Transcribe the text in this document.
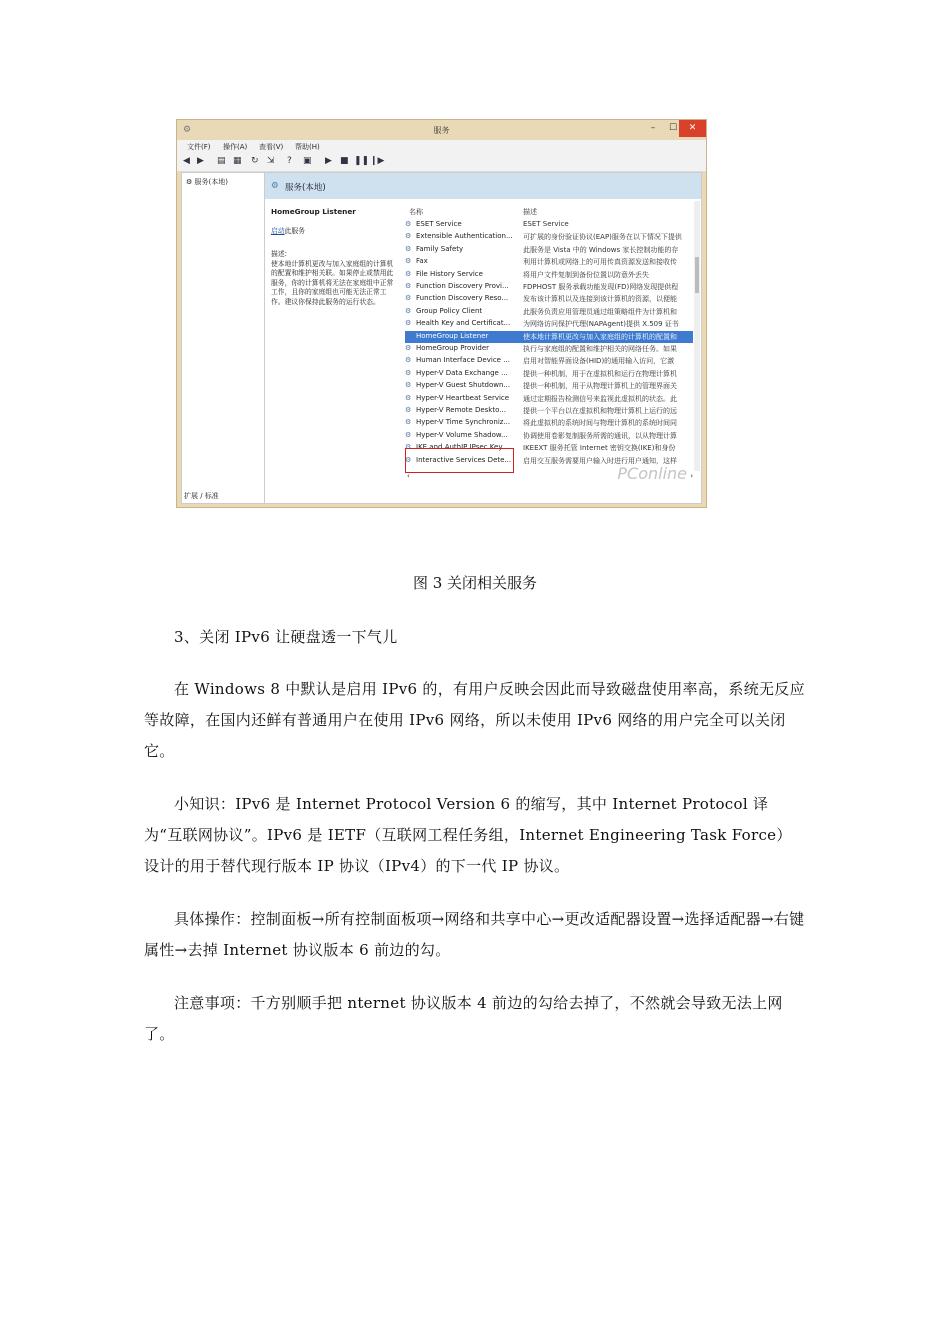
⚙	服务	–	☐	✕
文件(F) 操作(A) 查看(V) 帮助(H)
◀ ▶ ▤ ▦ ↻ ⇲ ? ▣ ▶ ■ ❚❚ ❙▶
⚙ 服务(本地)	⚙ 服务(本地)
HomeGroup Listener
启动此服务
描述:
使本地计算机更改与加入家庭组的计算机的配置和维护相关联。如果停止或禁用此服务，你的计算机将无法在家庭组中正常工作，且你的家庭组也可能无法正常工作。建议你保持此服务的运行状态。
名称	描述
⚙ ESET Service	ESET Service
⚙ Extensible Authentication...	可扩展的身份验证协议(EAP)服务在以下情况下提供
⚙ Family Safety	此服务是 Vista 中的 Windows 家长控制功能的存
⚙ Fax	利用计算机或网络上的可用传真资源发送和接收传
⚙ File History Service	将用户文件复制到备份位置以防意外丢失
⚙ Function Discovery Provi...	FDPHOST 服务承载功能发现(FD)网络发现提供程
⚙ Function Discovery Reso...	发布该计算机以及连接到该计算机的资源，以便能
⚙ Group Policy Client	此服务负责应用管理员通过组策略组件为计算机和
⚙ Health Key and Certificat...	为网络访问保护代理(NAPAgent)提供 X.509 证书
⚙ HomeGroup Listener	使本地计算机更改与加入家庭组的计算机的配置和
⚙ HomeGroup Provider	执行与家庭组的配置和维护相关的网络任务。如果
⚙ Human Interface Device ...	启用对智能界面设备(HID)的通用输入访问，它激
⚙ Hyper-V Data Exchange ...	提供一种机制，用于在虚拟机和运行在物理计算机
⚙ Hyper-V Guest Shutdown...	提供一种机制，用于从物理计算机上的管理界面关
⚙ Hyper-V Heartbeat Service	通过定期报告检测信号来监视此虚拟机的状态。此
⚙ Hyper-V Remote Deskto...	提供一个平台以在虚拟机和物理计算机上运行的远
⚙ Hyper-V Time Synchroniz...	将此虚拟机的系统时间与物理计算机的系统时间同
⚙ Hyper-V Volume Shadow...	协调使用卷影复制服务所需的通讯，以从物理计算
⚙ IKE and AuthIP IPsec Key...	IKEEXT 服务托管 Internet 密钥交换(IKE)和身份
⚙ Interactive Services Dete...	启用交互服务需要用户输入时进行用户通知，这样
‹	›
PConline
扩展 ∕ 标准
图 3 关闭相关服务

3、关闭 IPv6 让硬盘透一下气儿

在 Windows 8 中默认是启用 IPv6 的，有用户反映会因此而导致磁盘使用率高，系统无反应等故障，在国内还鲜有普通用户在使用 IPv6 网络，所以未使用 IPv6 网络的用户完全可以关闭它。

小知识：IPv6 是 Internet Protocol Version 6 的缩写，其中 Internet Protocol 译为“互联网协议”。IPv6 是 IETF（互联网工程任务组，Internet Engineering Task Force）设计的用于替代现行版本 IP 协议（IPv4）的下一代 IP 协议。

具体操作：控制面板→所有控制面板项→网络和共享中心→更改适配器设置→选择适配器→右键属性→去掉 Internet 协议版本 6 前边的勾。

注意事项：千方别顺手把 nternet 协议版本 4 前边的勾给去掉了，不然就会导致无法上网了。
